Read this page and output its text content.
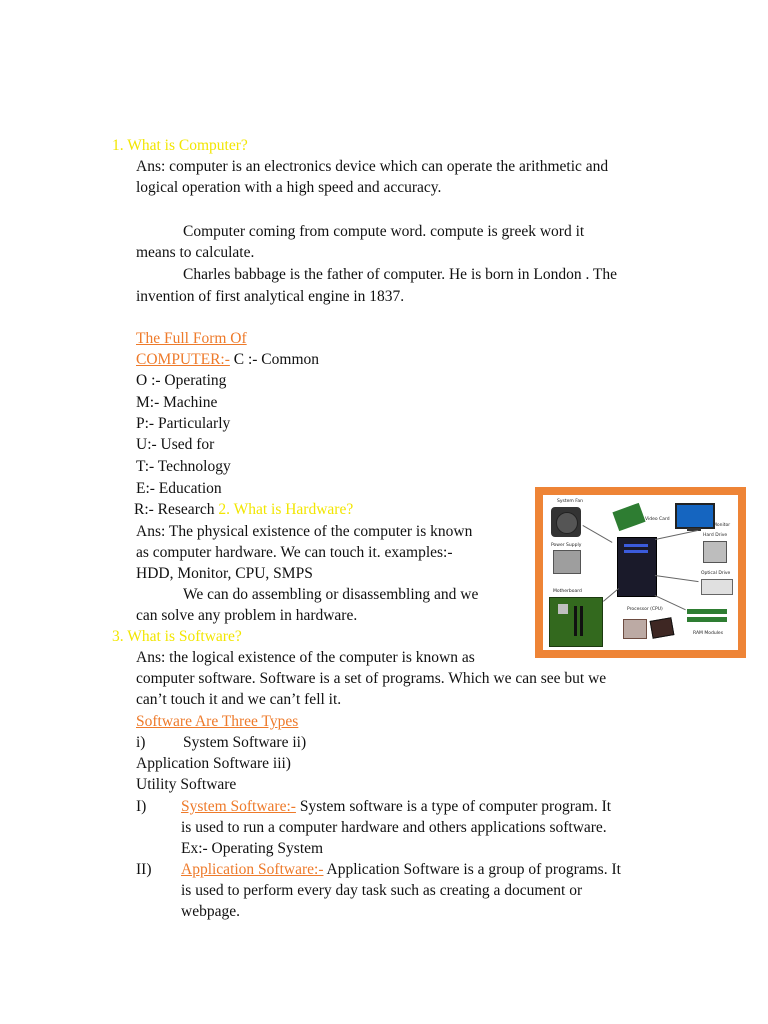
1. What is Computer?
Ans: computer is an electronics device which can operate the arithmetic and
logical operation with a high speed and accuracy.
Computer coming from compute word. compute is greek word it
means to calculate.
Charles babbage is the father of computer. He is born in London . The
invention of first analytical engine in 1837.
The Full Form Of
COMPUTER:- C :- Common
O :- Operating
M:- Machine
P:- Particularly
U:- Used for
T:- Technology
E:- Education
R:- Research 2. What is Hardware?
Ans: The physical existence of the computer is known
as computer hardware. We can touch it. examples:-
HDD, Monitor, CPU, SMPS
We can do assembling or disassembling and we
can solve any problem in hardware.
System Fan
Video Card
Monitor
Power Supply
Hard Drive
Optical Drive
Motherboard
Processor (CPU)
RAM Modules
3. What is Software?
Ans: the logical existence of the computer is known as
computer software. Software is a set of programs. Which we can see but we
can’t touch it and we can’t fell it.
Software Are Three Types
i) System Software ii)
Application Software iii)
Utility Software
I) System Software:- System software is a type of computer program. It
is used to run a computer hardware and others applications software.
Ex:- Operating System
II) Application Software:- Application Software is a group of programs. It
is used to perform every day task such as creating a document or
webpage.
